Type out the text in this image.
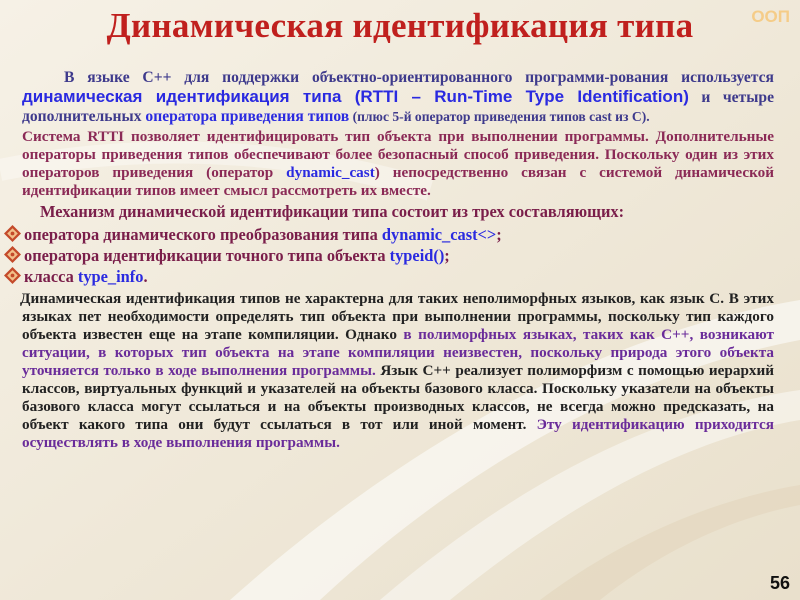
Динамическая идентификация типа	ООП
В языке С++ для поддержки объектно-ориентированного программи-рования используется динамическая идентификация типа (RTTI – Run-Time Type Identification) и четыре дополнительных оператора приведения типов (плюс 5-й оператор приведения типов cast из С).
Система RTTI позволяет идентифицировать тип объекта при выполнении программы. Дополнительные операторы приведения типов обеспечивают более безопасный способ приведения. Поскольку один из этих операторов приведения (оператор dynamic_cast) непосредственно связан с системой динамической идентификации типов имеет смысл рассмотреть их вместе.
Механизм динамической идентификации типа состоит из трех составляющих:
оператора динамического преобразования типа dynamic_cast<>;
оператора идентификации точного типа объекта typeid();
класса type_info.
Динамическая идентификация типов не характерна для таких неполиморфных языков, как язык С. В этих языках пет необходимости определять тип объекта при выполнении программы, поскольку тип каждого объекта известен еще на этапе компиляции. Однако в полиморфных языках, таких как С++, возникают ситуации, в которых тип объекта на этапе компиляции неизвестен, поскольку природа этого объекта уточняется только в ходе выполнения программы. Язык С++ реализует полиморфизм с помощью иерархий классов, виртуальных функций и указателей на объекты базового класса. Поскольку указатели на объекты базового класса могут ссылаться и на объекты производных классов, не всегда можно предсказать, на объект какого типа они будут ссылаться в тот или иной момент. Эту идентификацию приходится осуществлять в ходе выполнения программы.
56
